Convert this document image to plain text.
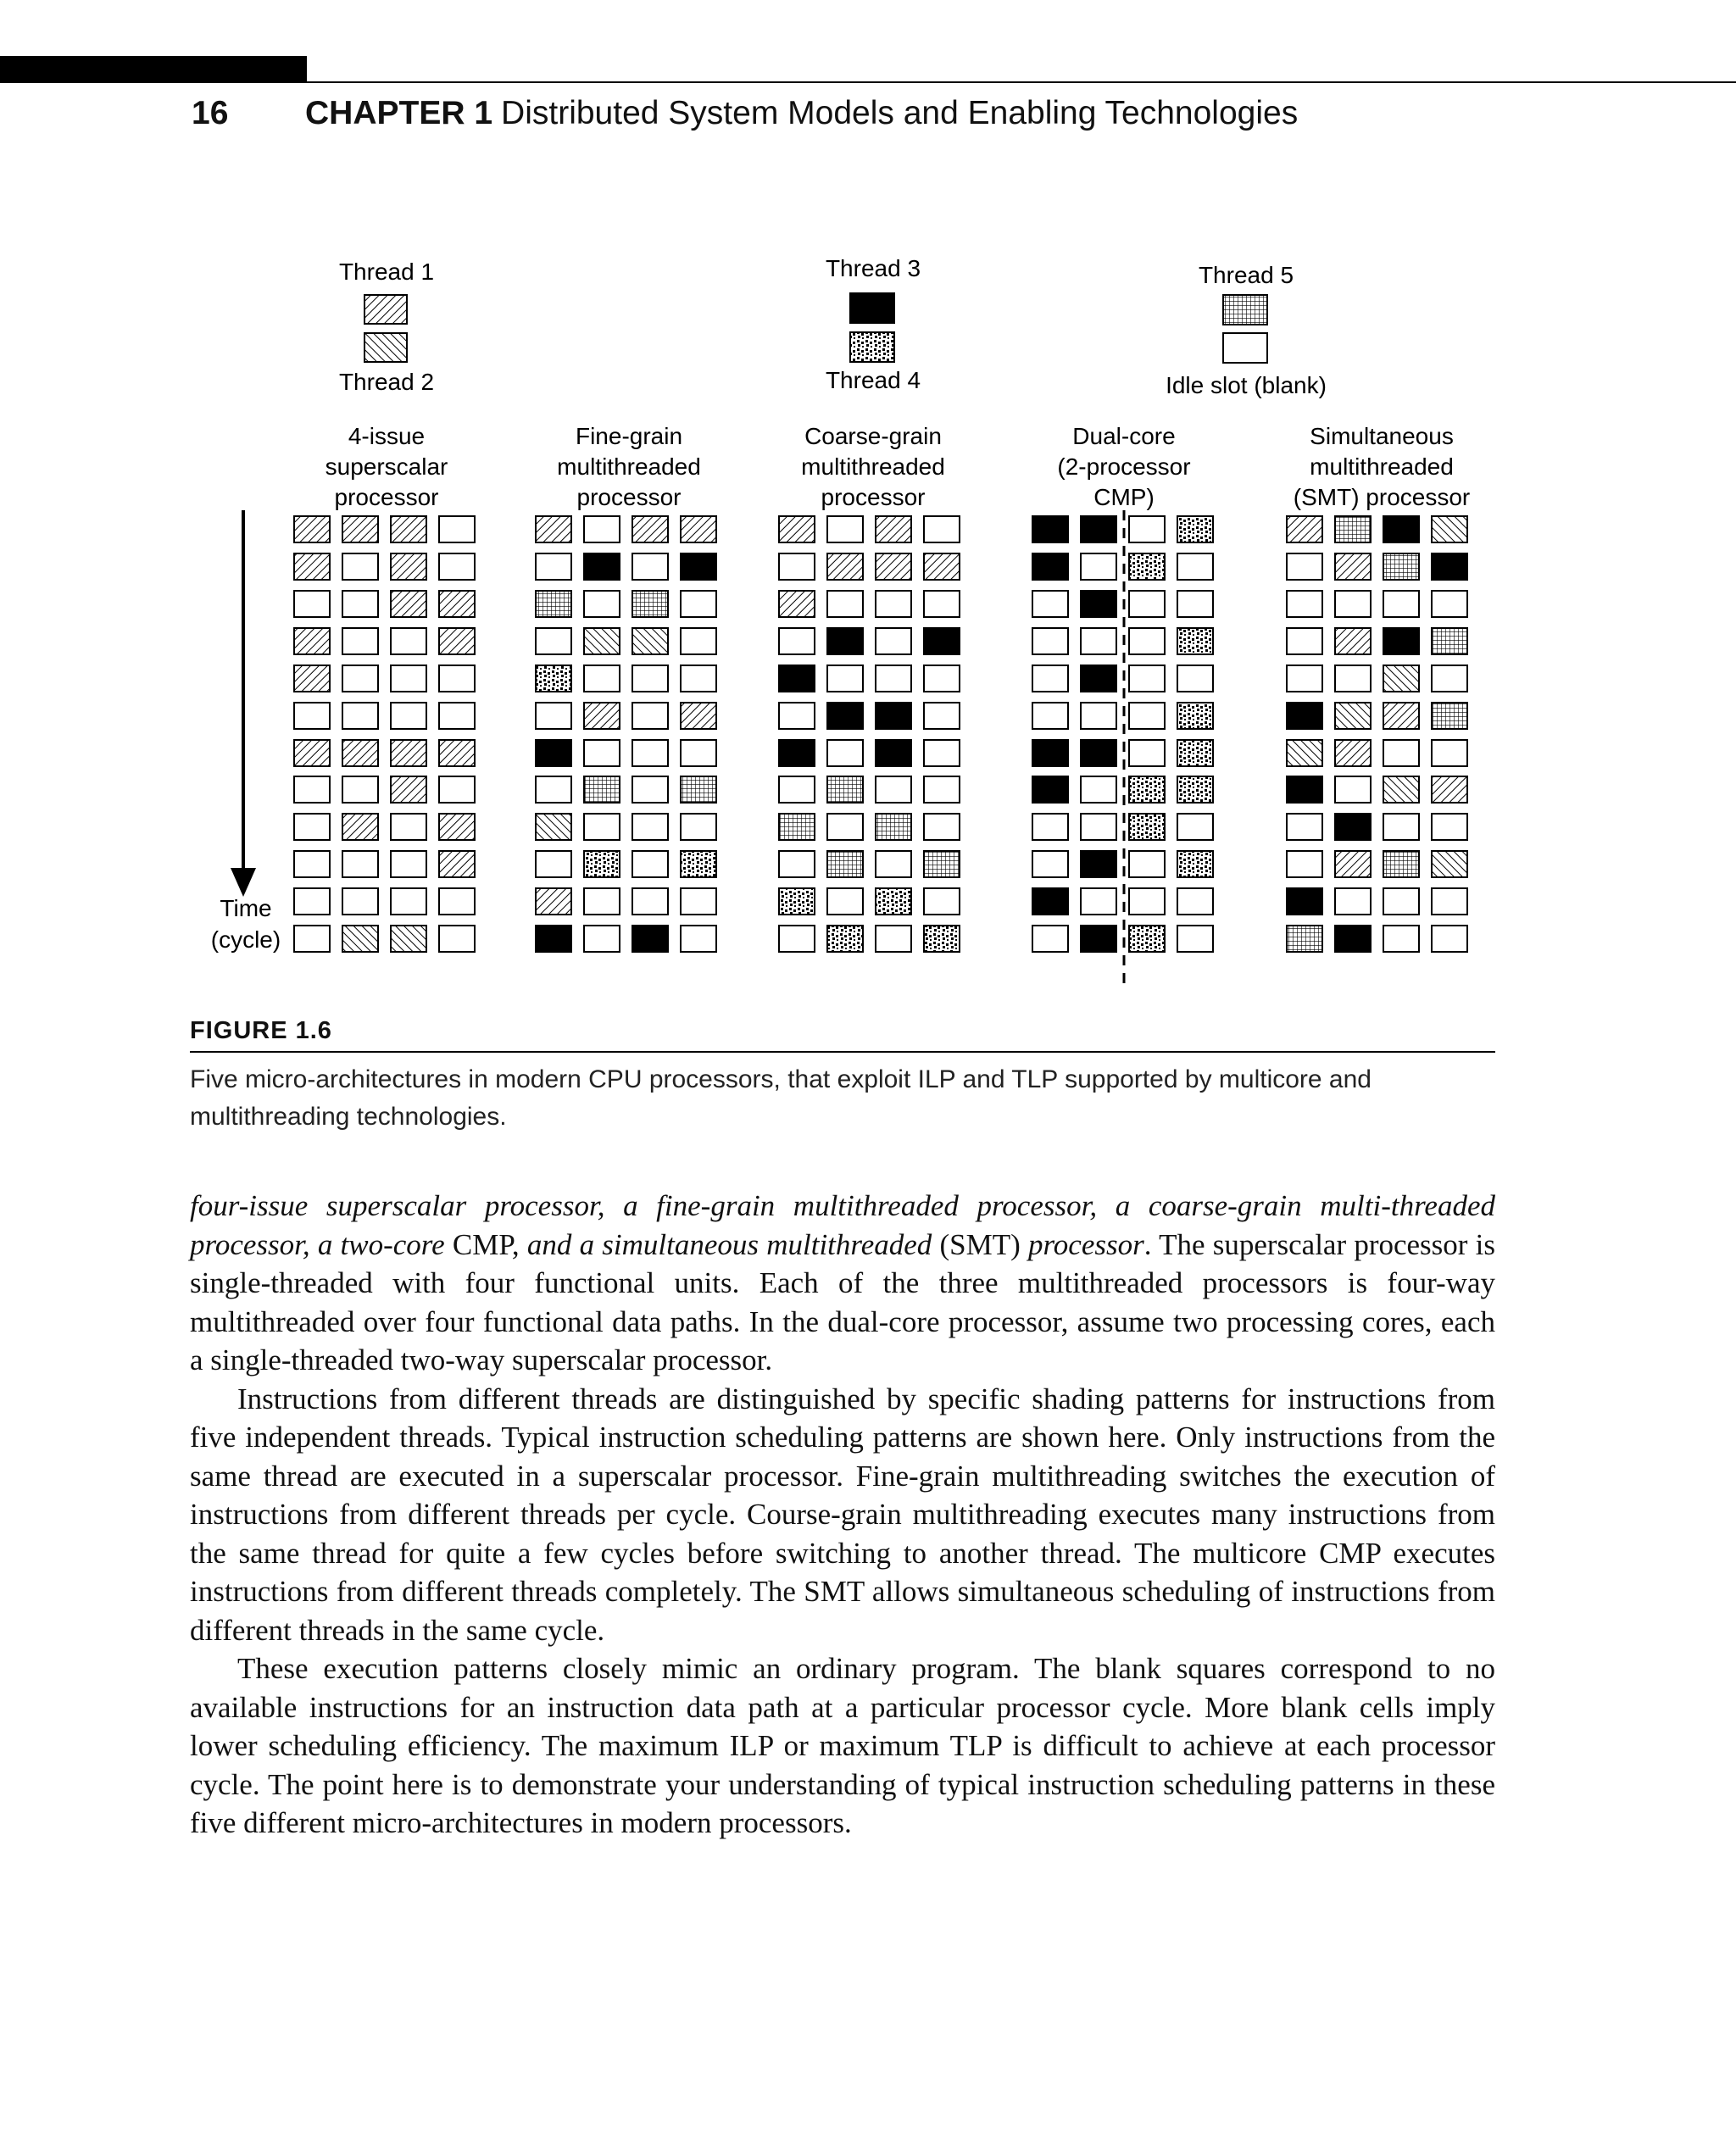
16 CHAPTER 1 Distributed System Models and Enabling Technologies
Thread 1
Thread 2
Thread 3
Thread 4
Thread 5
Idle slot (blank)
4-issue
superscalar
processor
Fine-grain
multithreaded
processor
Coarse-grain
multithreaded
processor
Dual-core
(2-processor
CMP)
Simultaneous
multithreaded
(SMT) processor
Time
(cycle)
FIGURE 1.6
Five micro-architectures in modern CPU processors, that exploit ILP and TLP supported by multicore and
multithreading technologies.

four-issue superscalar processor, a fine-grain multithreaded processor, a coarse-grain multi-threaded processor, a two-core CMP, and a simultaneous multithreaded (SMT) processor. The superscalar processor is single-threaded with four functional units. Each of the three multithreaded processors is four-way multithreaded over four functional data paths. In the dual-core processor, assume two processing cores, each a single-threaded two-way superscalar processor.

Instructions from different threads are distinguished by specific shading patterns for instructions from five independent threads. Typical instruction scheduling patterns are shown here. Only instructions from the same thread are executed in a superscalar processor. Fine-grain multithreading switches the execution of instructions from different threads per cycle. Course-grain multithreading executes many instructions from the same thread for quite a few cycles before switching to another thread. The multicore CMP executes instructions from different threads completely. The SMT allows simultaneous scheduling of instructions from different threads in the same cycle.

These execution patterns closely mimic an ordinary program. The blank squares correspond to no available instructions for an instruction data path at a particular processor cycle. More blank cells imply lower scheduling efficiency. The maximum ILP or maximum TLP is difficult to achieve at each processor cycle. The point here is to demonstrate your understanding of typical instruction scheduling patterns in these five different micro-architectures in modern processors.
